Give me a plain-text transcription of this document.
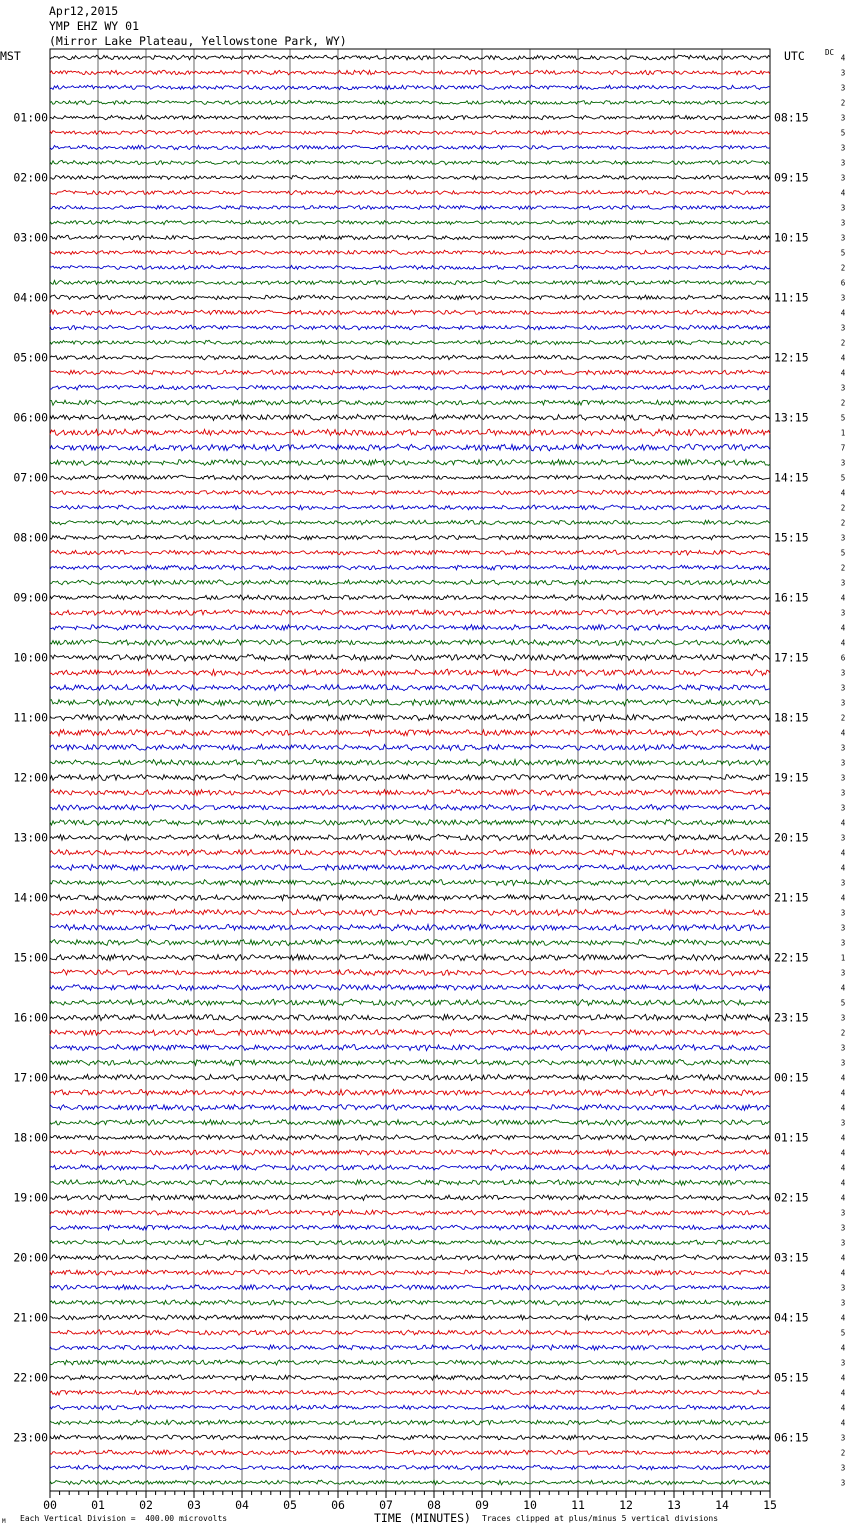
Apr12,2015
YMP EHZ WY 01
(Mirror Lake Plateau, Yellowstone Park, WY)
MST	UTC	DC
00	01	02	03	04	05	06	07	08	09	10	11	12	13	14	15
4
3
3
2
3
5
3
3
3
4
3
3
3
5
2
6
3
4
3
2
4
4
3
2
5
1
7
3
5
4
2
2
3
5
2
3
4
3
4
4
6
3
3
3
2
4
3
3
3
3
3
4
3
4
4
3
4
3
3
3
1
3
4
5
3
2
3
3
4
4
4
3
4
4
4
4
4
3
3
3
4
4
3
3
4
5
4
3
4
4
4
4
3
2
3
3
01:00
02:00
03:00
04:00
05:00
06:00
07:00
08:00
09:00
10:00
11:00
12:00
13:00
14:00
15:00
16:00
17:00
18:00
19:00
20:00
21:00
22:00
23:00
08:15
09:15
10:15
11:15
12:15
13:15
14:15
15:15
16:15
17:15
18:15
19:15
20:15
21:15
22:15
23:15
00:15
01:15
02:15
03:15
04:15
05:15
06:15
M Each Vertical Division =  400.00 microvolts	TIME (MINUTES) Traces clipped at plus/minus 5 vertical divisions
